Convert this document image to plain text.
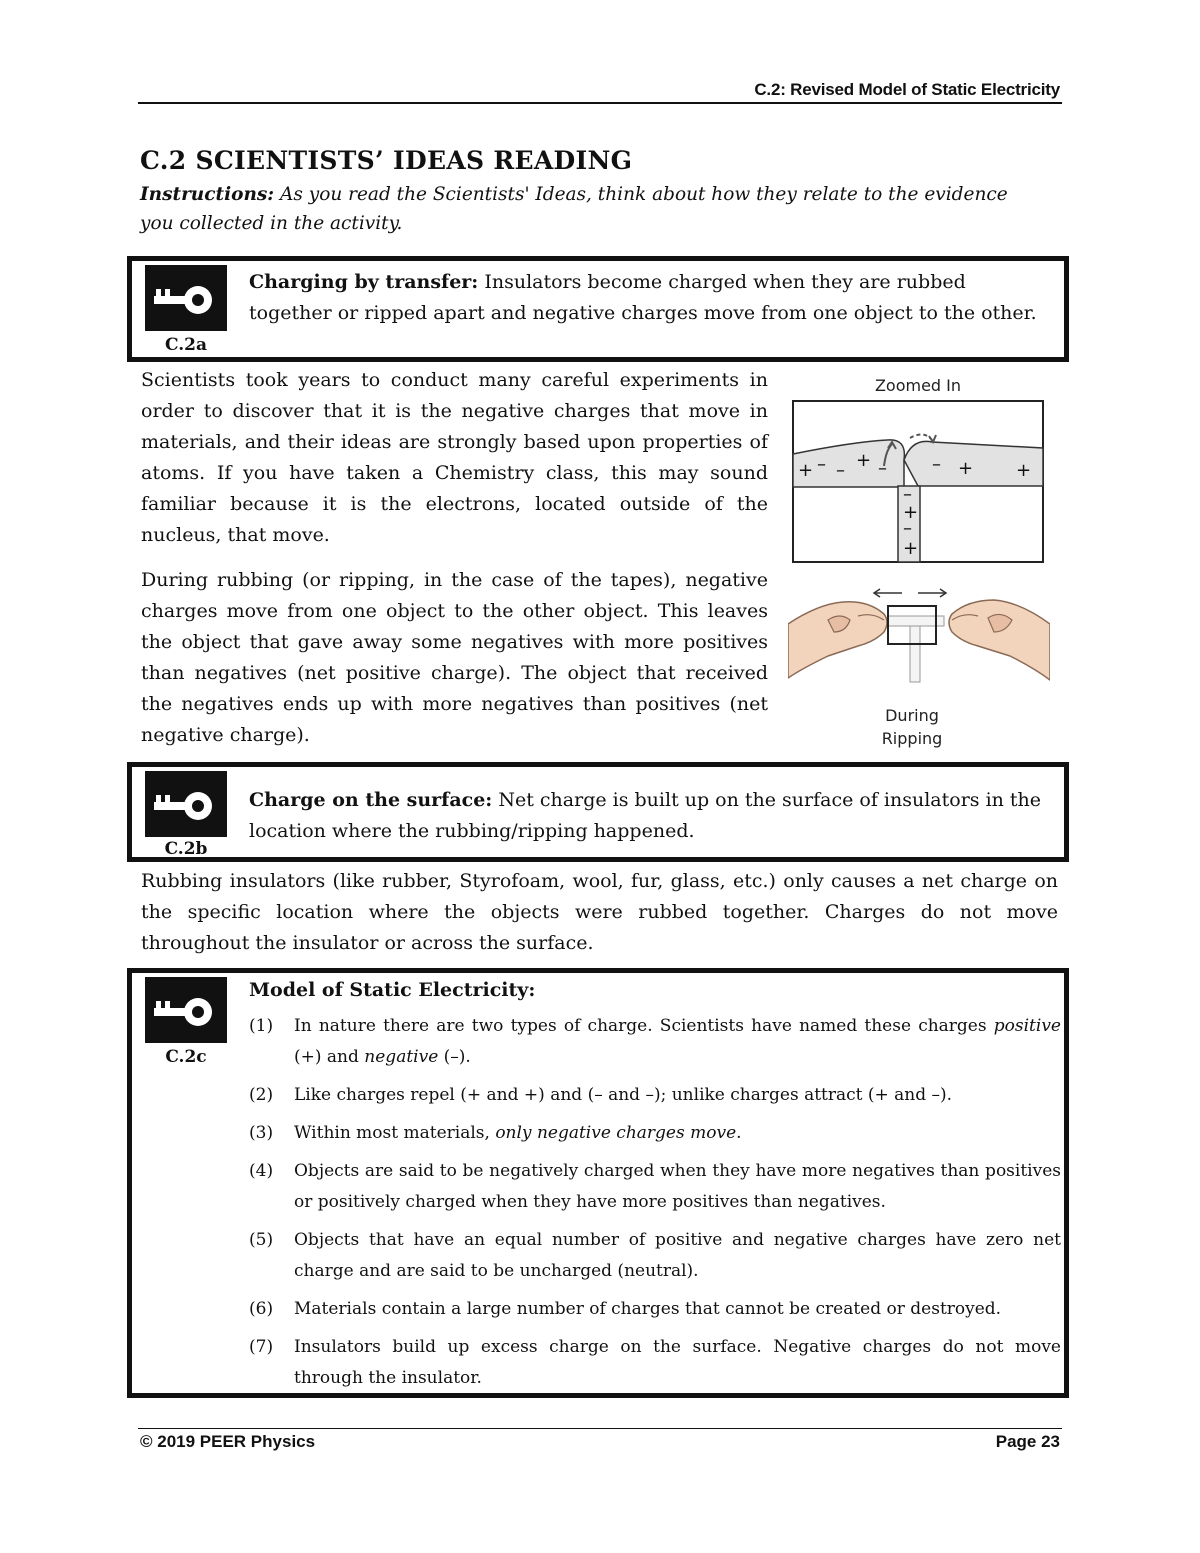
C.2: Revised Model of Static Electricity
C.2 SCIENTISTS’ IDEAS READING
Instructions: As you read the Scientists' Ideas, think about how they relate to the evidence you collected in the activity.
C.2a
Charging by transfer: Insulators become charged when they are rubbed together or ripped apart and negative charges move from one object to the other.
Scientists took years to conduct many careful experiments in order to discover that it is the negative charges that move in materials, and their ideas are strongly based upon properties of atoms. If you have taken a Chemistry class, this may sound familiar because it is the electrons, located outside of the nucleus, that move.
Zoomed In
+ – – + –	– + +
–
+
–
+
During
Ripping
During rubbing (or ripping, in the case of the tapes), negative charges move from one object to the other object. This leaves the object that gave away some negatives with more positives than negatives (net positive charge). The object that received the negatives ends up with more negatives than positives (net negative charge).
C.2b
Charge on the surface: Net charge is built up on the surface of insulators in the location where the rubbing/ripping happened.
Rubbing insulators (like rubber, Styrofoam, wool, fur, glass, etc.) only causes a net charge on the specific location where the objects were rubbed together. Charges do not move throughout the insulator or across the surface.
C.2c
Model of Static Electricity:
(1) In nature there are two types of charge. Scientists have named these charges positive (+) and negative (–).
(2) Like charges repel (+ and +) and (– and –); unlike charges attract (+ and –).
(3) Within most materials, only negative charges move.
(4) Objects are said to be negatively charged when they have more negatives than positives or positively charged when they have more positives than negatives.
(5) Objects that have an equal number of positive and negative charges have zero net charge and are said to be uncharged (neutral).
(6) Materials contain a large number of charges that cannot be created or destroyed.
(7) Insulators build up excess charge on the surface. Negative charges do not move through the insulator.
© 2019 PEER Physics	Page 23
